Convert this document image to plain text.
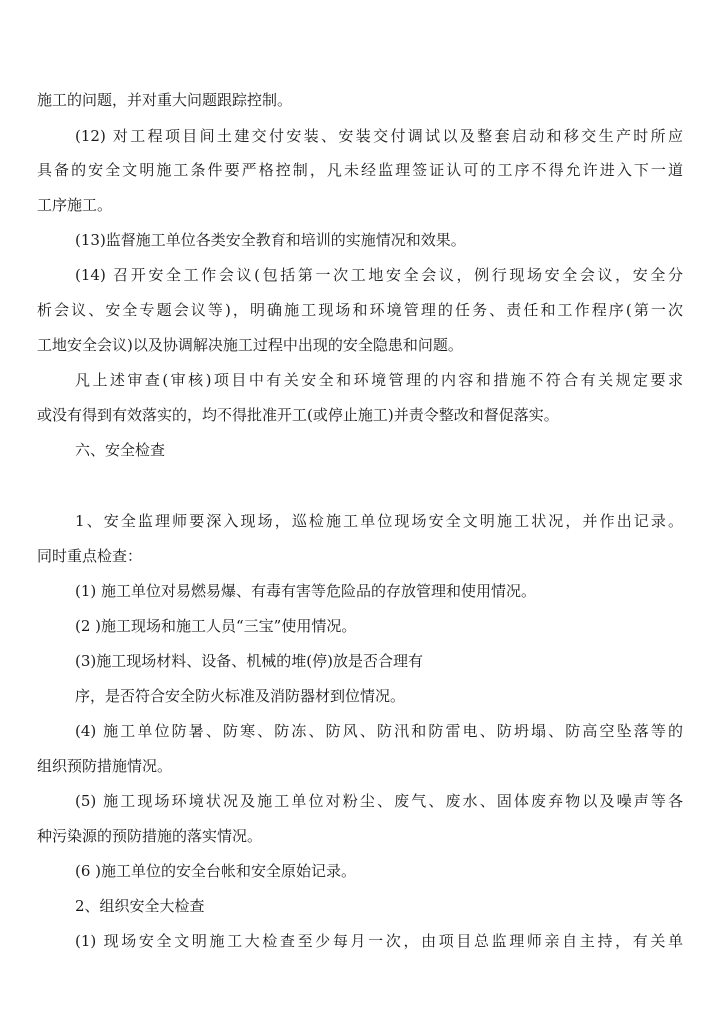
施工的问题，并对重大问题跟踪控制。
(12) 对工程项目间土建交付安装、安装交付调试以及整套启动和移交生产时所应
具备的安全文明施工条件要严格控制，凡未经监理签证认可的工序不得允许进入下一道
工序施工。
(13)监督施工单位各类安全教育和培训的实施情况和效果。
(14) 召开安全工作会议(包括第一次工地安全会议，例行现场安全会议，安全分
析会议、安全专题会议等)，明确施工现场和环境管理的任务、责任和工作程序(第一次
工地安全会议)以及协调解决施工过程中出现的安全隐患和问题。
凡上述审查(审核)项目中有关安全和环境管理的内容和措施不符合有关规定要求
或没有得到有效落实的，均不得批准开工(或停止施工)并责令整改和督促落实。
六、安全检查
1、安全监理师要深入现场，巡检施工单位现场安全文明施工状况，并作出记录。
同时重点检查：
(1) 施工单位对易燃易爆、有毒有害等危险品的存放管理和使用情况。
(2 )施工现场和施工人员“三宝”使用情况。
(3)施工现场材料、设备、机械的堆(停)放是否合理有
序，是否符合安全防火标准及消防器材到位情况。
(4) 施工单位防暑、防寒、防冻、防风、防汛和防雷电、防坍塌、防高空坠落等的
组织预防措施情况。
(5) 施工现场环境状况及施工单位对粉尘、废气、废水、固体废弃物以及噪声等各
种污染源的预防措施的落实情况。
(6 )施工单位的安全台帐和安全原始记录。
2、组织安全大检查
(1) 现场安全文明施工大检查至少每月一次，由项目总监理师亲自主持，有关单
